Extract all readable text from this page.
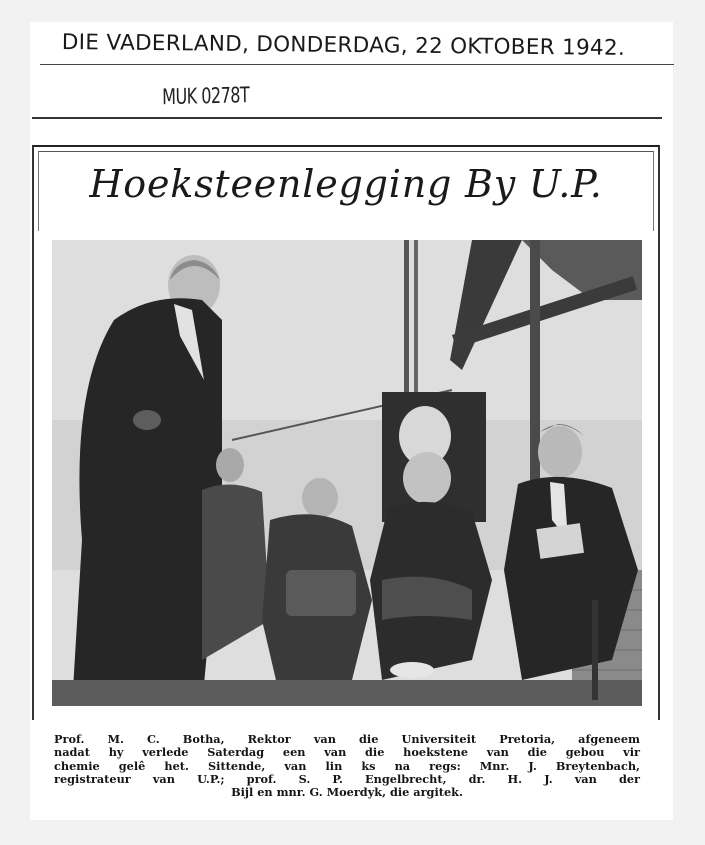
DIE VADERLAND, DONDERDAG, 22 OKTOBER 1942.
MUK 0278T
Hoeksteenlegging By U.P.
Prof. M. C. Botha, Rektor van die Universiteit Pretoria, afgeneem
nadat hy verlede Saterdag een van die hoekstene van die gebou vir
chemie gelê het. Sittende, van lin ks na regs: Mnr. J. Breytenbach,
registrateur van U.P.; prof. S. P. Engelbrecht, dr. H. J. van der
Bijl en mnr. G. Moerdyk, die argitek.
